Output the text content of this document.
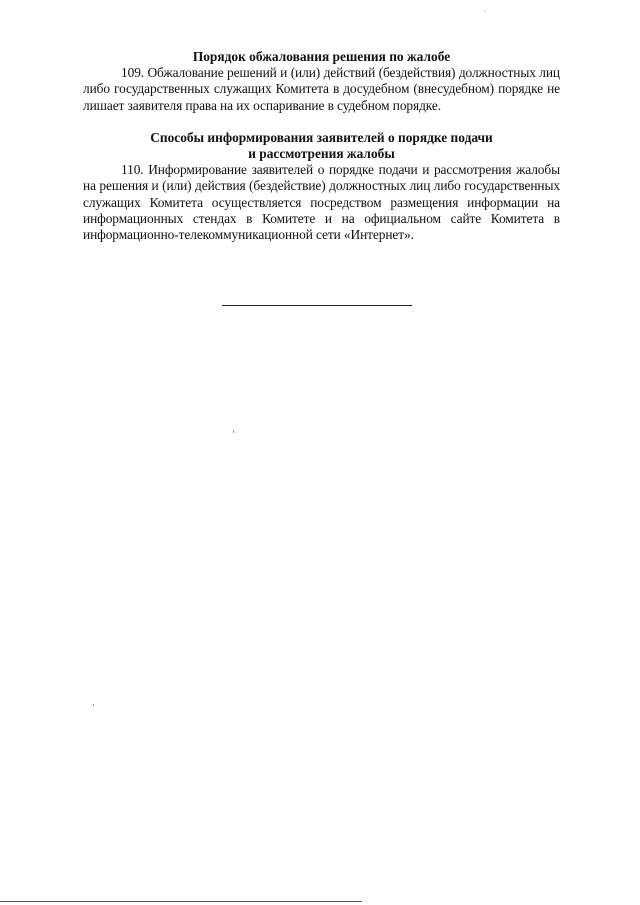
Порядок обжалования решения по жалобе

109. Обжалование решений и (или) действий (бездействия) должностных лиц либо государственных служащих Комитета в досудебном (внесудебном) порядке не лишает заявителя права на их оспаривание в судебном порядке.

Способы информирования заявителей о порядке подачи

и рассмотрения жалобы

110. Информирование заявителей о порядке подачи и рассмотрения жалобы на решения и (или) действия (бездействие) должностных лиц либо государственных служащих Комитета осуществляется посредством размещения информации на информационных стендах в Комитете и на официальном сайте Комитета в информационно-телекоммуникационной сети «Интернет».
